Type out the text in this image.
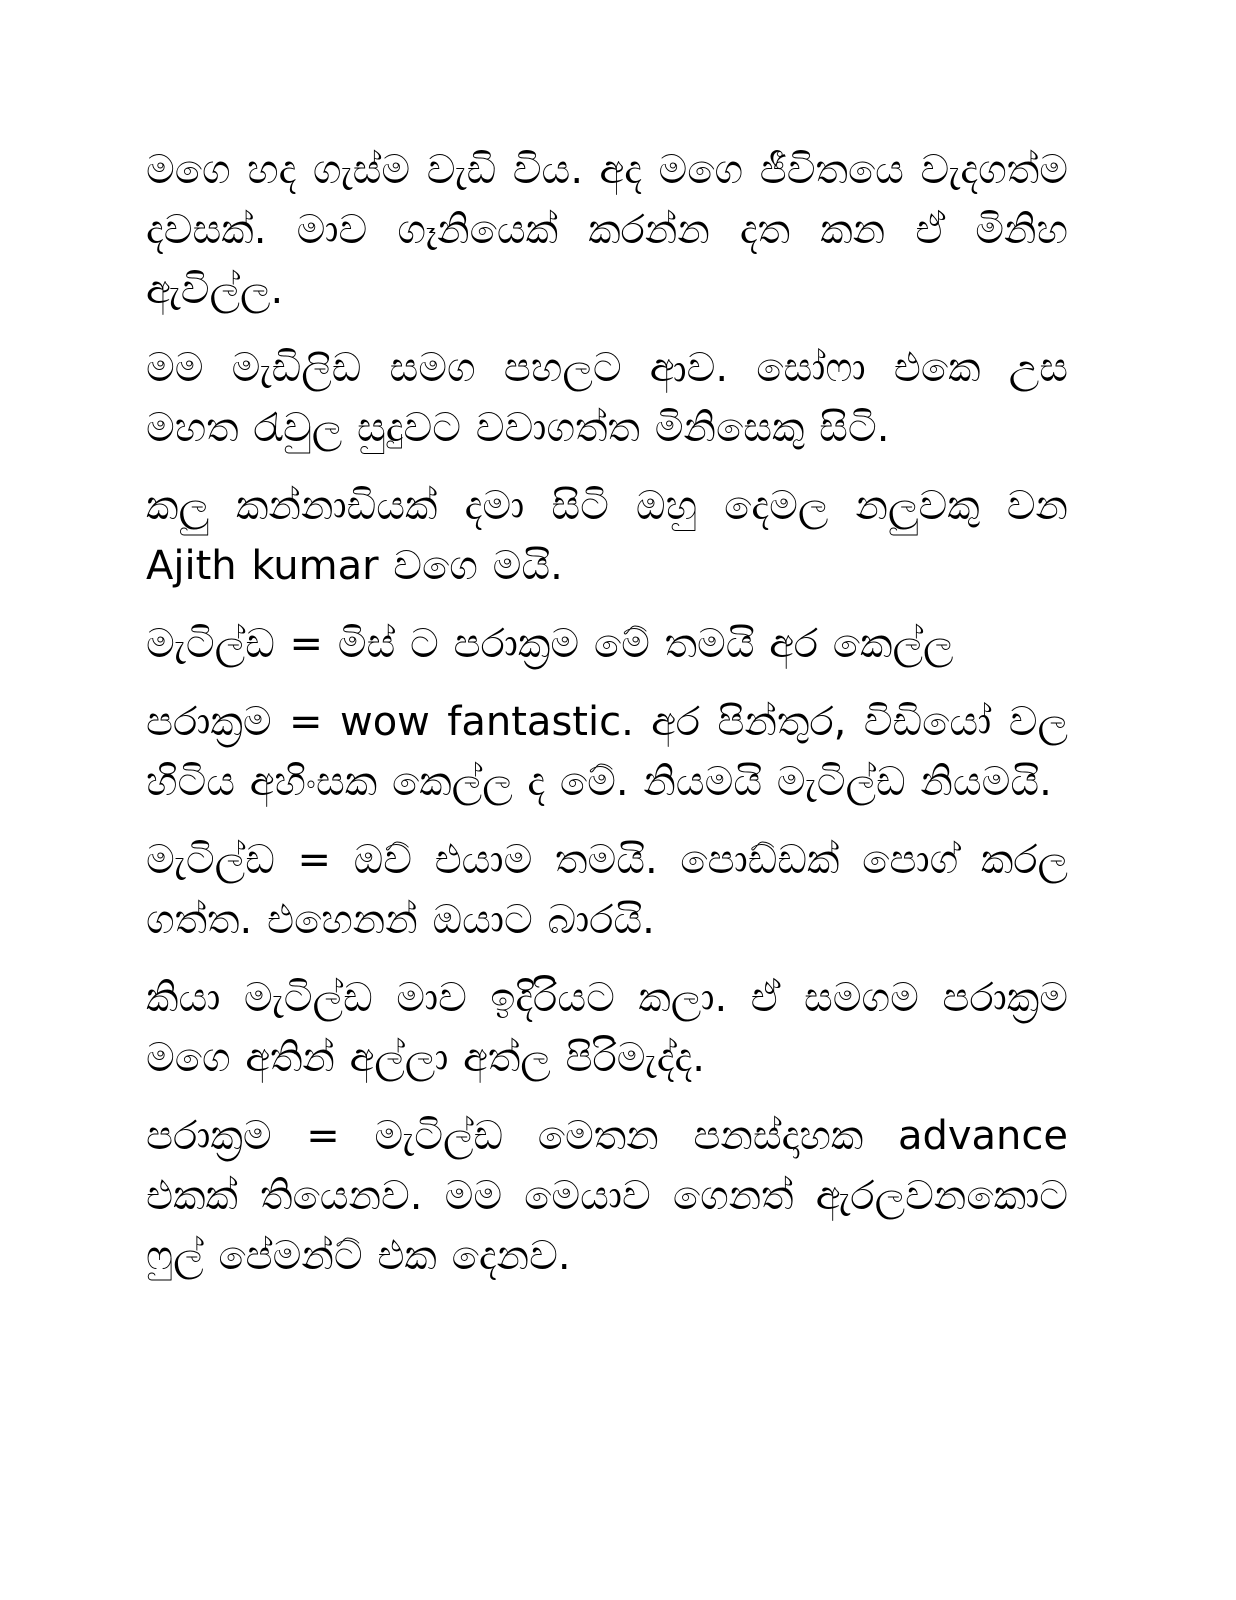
මගෙ හද ගැස්ම වැඩි විය. අද මගෙ ජීවිතයෙ වැදගත්ම දවසක්. මාව ගෑනියෙක් කරන්න දත කන ඒ මිනිහ ඇවිල්ල.

මම මැඩිලිඩ සමග පහලට ආව. සෝෆා එකෙ උස මහත රැවුල සුදුවට වවාගත්ත මිනිසෙකු සිටි.

කලු කන්නාඩියක් දමා සිටි ඔහු දෙමල නලුවකු වන Ajith kumar වගෙ මයි.

මැටිල්ඩ = මිස් ට පරාක්‍රම මේ තමයි අර කෙල්ල

පරාක්‍රම = wow fantastic. අර පින්තුර, විඩියෝ වල හිටිය අහිංසක කෙල්ල ද මේ. නියමයි මැටිල්ඩ නියමයි.

මැටිල්ඩ = ඔව් එයාම තමයි. පොඩ්ඩක් පොග් කරල ගත්ත. එහෙනන් ඔයාට බාරයි.

කියා මැටිල්ඩ මාව ඉදිරියට කලා. ඒ සමගම පරාක්‍රම මගෙ අතින් අල්ලා අත්ල පිරිමැද්ද.

පරාක්‍රම = මැටිල්ඩ මෙතන පනස්දාහක advance එකක් තියෙනව. මම මෙයාව ගෙනත් ඇරලවනකොට ෆුල් පේමන්ට් එක දෙනව.
